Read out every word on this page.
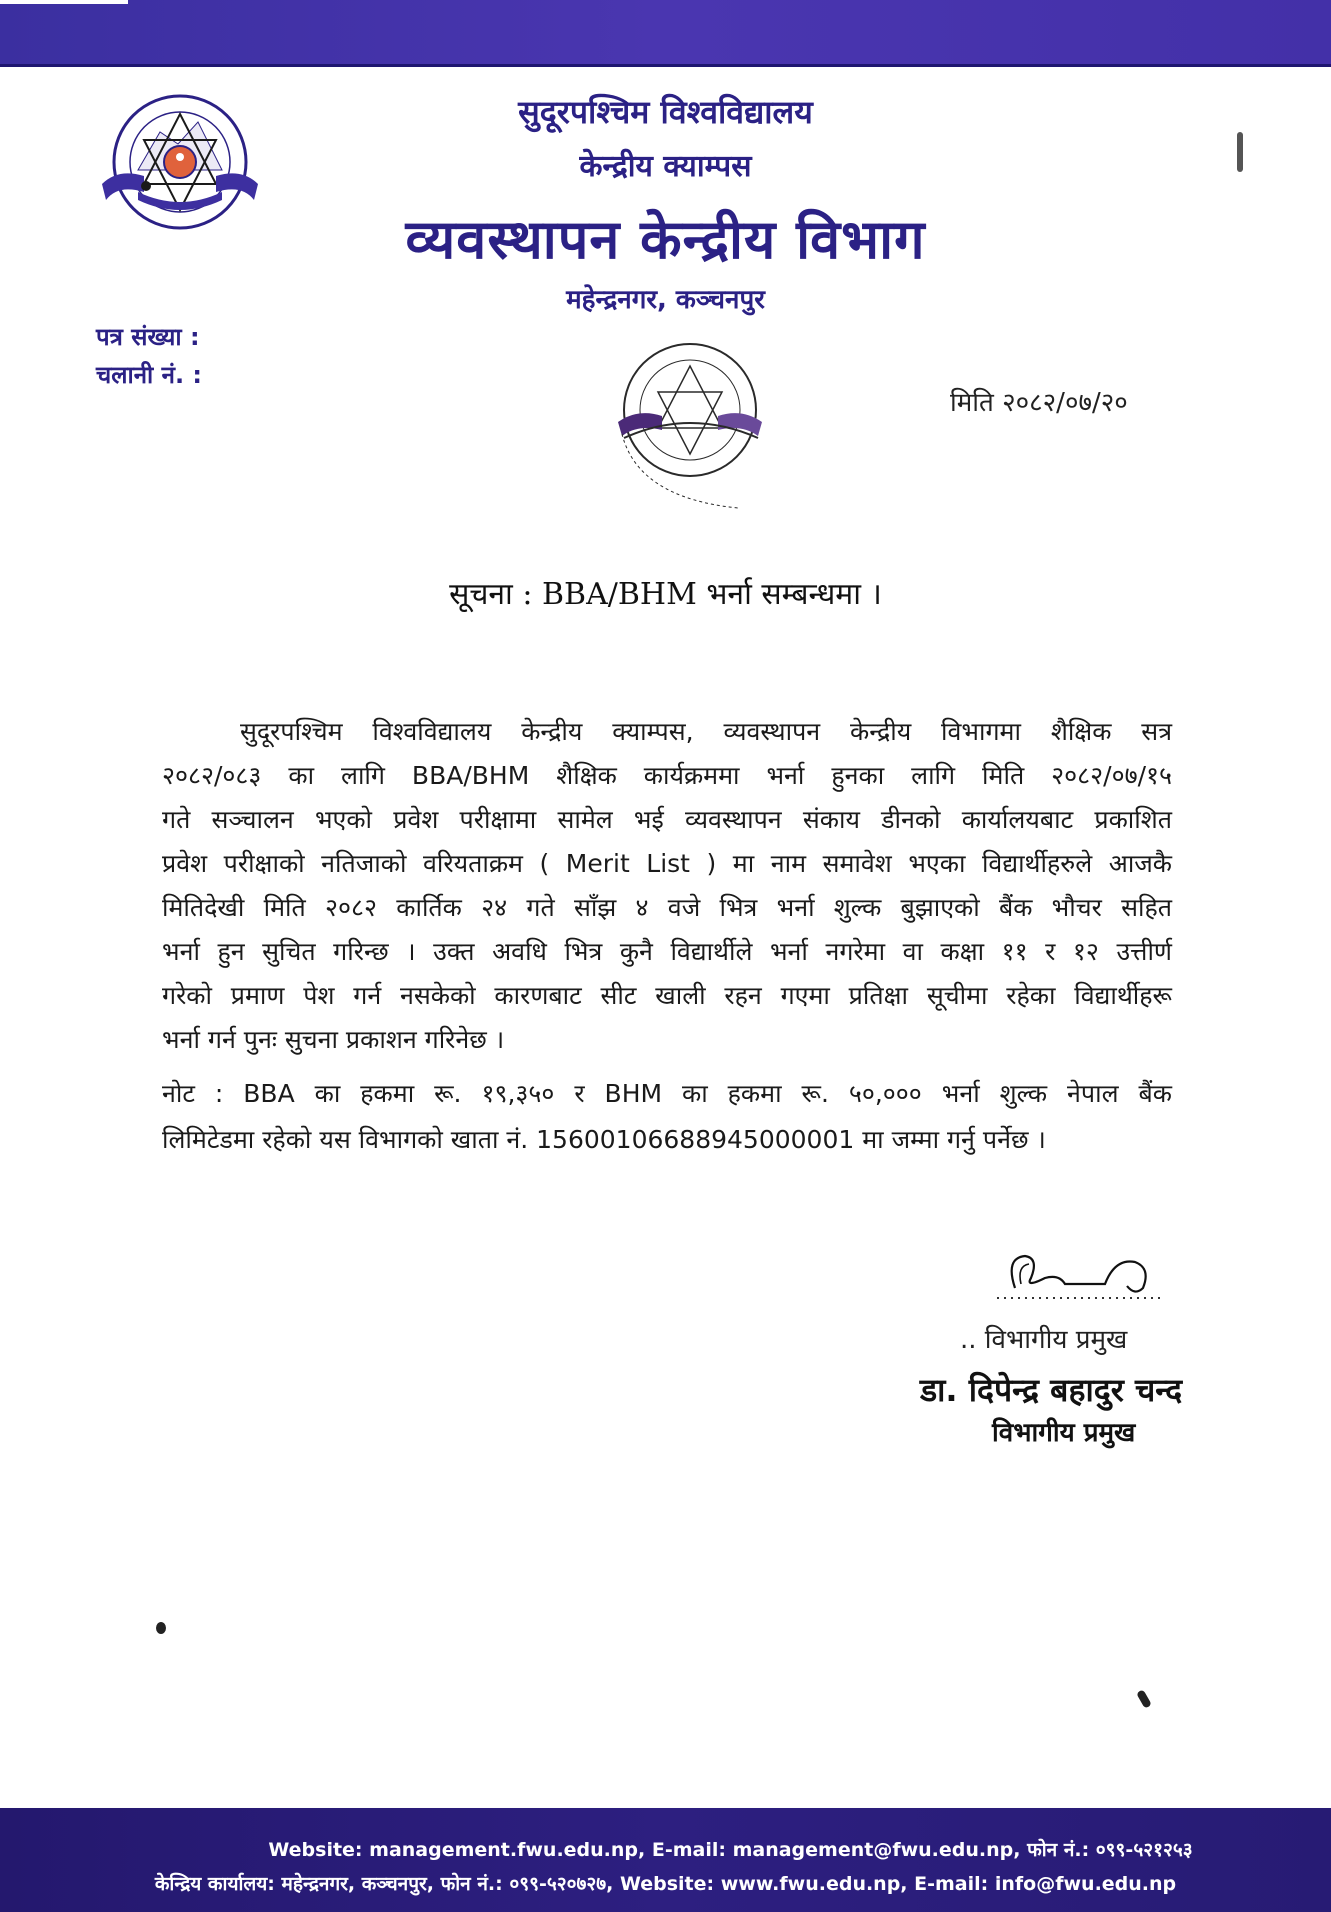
सुदूरपश्चिम विश्वविद्यालय
केन्द्रीय क्याम्पस
व्यवस्थापन केन्द्रीय विभाग
महेन्द्रनगर, कञ्चनपुर
पत्र संख्या :
चलानी नं. :
मिति २०८२/०७/२०
सूचना : BBA/BHM भर्ना सम्बन्धमा ।
सुदूरपश्चिम विश्वविद्यालय केन्द्रीय क्याम्पस, व्यवस्थापन केन्द्रीय विभागमा शैक्षिक सत्र
२०८२/०८३ का लागि BBA/BHM शैक्षिक कार्यक्रममा भर्ना हुनका लागि मिति २०८२/०७/१५
गते सञ्चालन भएको प्रवेश परीक्षामा सामेल भई व्यवस्थापन संकाय डीनको कार्यालयबाट प्रकाशित
प्रवेश परीक्षाको नतिजाको वरियताक्रम ( Merit List ) मा नाम समावेश भएका विद्यार्थीहरुले आजकै
मितिदेखी मिति २०८२ कार्तिक २४ गते साँझ ४ वजे भित्र भर्ना शुल्क बुझाएको बैंक भौचर सहित
भर्ना हुन सुचित गरिन्छ । उक्त अवधि भित्र कुनै विद्यार्थीले भर्ना नगरेमा वा कक्षा ११ र १२ उत्तीर्ण
गरेको प्रमाण पेश गर्न नसकेको कारणबाट सीट खाली रहन गएमा प्रतिक्षा सूचीमा रहेका विद्यार्थीहरू
भर्ना गर्न पुनः सुचना प्रकाशन गरिनेछ ।
नोट : BBA का हकमा रू. १९,३५० र BHM का हकमा रू. ५०,००० भर्ना शुल्क नेपाल बैंक
लिमिटेडमा रहेको यस विभागको खाता नं. 15600106688945000001 मा जम्मा गर्नु पर्नेछ ।
.. विभागीय प्रमुख
डा. दिपेन्द्र बहादुर चन्द
विभागीय प्रमुख
Website: management.fwu.edu.np, E-mail: management@fwu.edu.np, फोन नं.: ०९९-५२१२५३
केन्द्रिय कार्यालय: महेन्द्रनगर, कञ्चनपुर, फोन नं.: ०९९-५२०७२७, Website: www.fwu.edu.np, E-mail: info@fwu.edu.np
